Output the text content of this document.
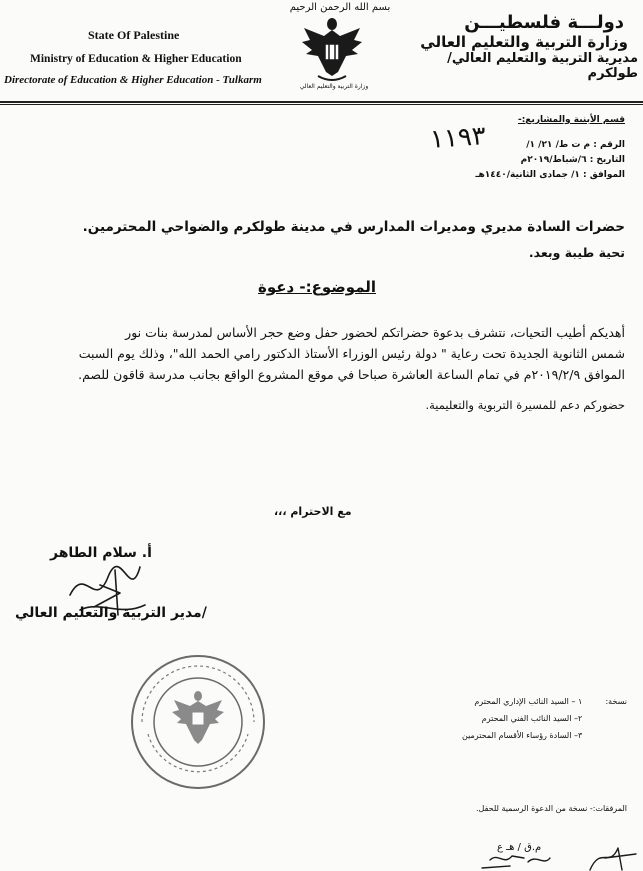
بسم الله الرحمن الرحيم
State Of Palestine
Ministry of Education & Higher Education
Directorate of Education & Higher Education - Tulkarm
وزارة التربية والتعليم العالي
دولـــة فلسطيـــن
وزارة التربية والتعليم العالي
مديرية التربية والتعليم العالي/ طولكرم
قسم الأبنية والمشاريع:-
١١٩٣	الرقم : م ت ط/ ٢١/ ١/
التاريخ : ٦/شباط/٢٠١٩م
الموافق : ١/ جمادى الثانية/١٤٤٠هـ
حضرات السادة مديري ومديرات المدارس في مدينة طولكرم والضواحي المحترمين.
تحية طيبة وبعد.
الموضوع:- دعوة
أهديكم أطيب التحيات، نتشرف بدعوة حضراتكم لحضور حفل وضع حجر الأساس لمدرسة بنات نور
شمس الثانوية الجديدة تحت رعاية " دولة رئيس الوزراء الأستاذ الدكتور رامي الحمد الله"، وذلك يوم السبت
الموافق ٢٠١٩/٢/٩م في تمام الساعة العاشرة صباحا في موقع المشروع الواقع بجانب مدرسة قاقون للصم.
حضوركم دعم للمسيرة التربوية والتعليمية.
مع الاحترام ،،،
أ. سلام الطاهر
/مدير التربية والتعليم العالي
نسخة:
١ – السيد النائب الإداري المحترم
٢– السيد النائب الفني المحترم
٣– السادة رؤساء الأقسام المحترمين
المرفقات:- نسخة من الدعوة الرسمية للحفل.
م.ق / هـ ع
